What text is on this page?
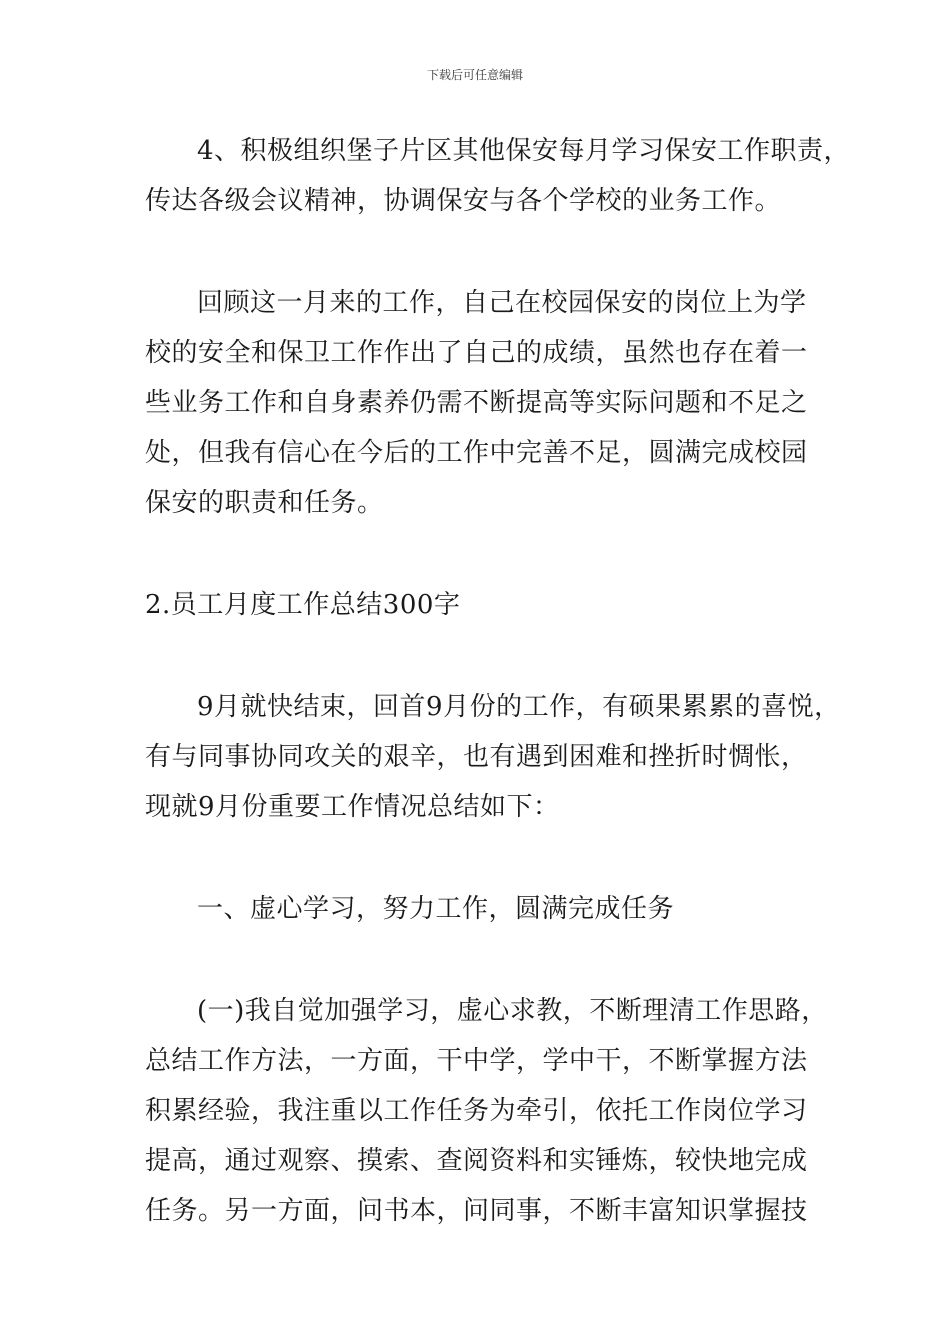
下载后可任意编辑

4、积极组织堡子片区其他保安每月学习保安工作职责，
传达各级会议精神，协调保安与各个学校的业务工作。

回顾这一月来的工作，自己在校园保安的岗位上为学
校的安全和保卫工作作出了自己的成绩，虽然也存在着一
些业务工作和自身素养仍需不断提高等实际问题和不足之
处，但我有信心在今后的工作中完善不足，圆满完成校园
保安的职责和任务。

2.员工月度工作总结300字

9月就快结束，回首9月份的工作，有硕果累累的喜悦，
有与同事协同攻关的艰辛，也有遇到困难和挫折时惆怅，
现就9月份重要工作情况总结如下：

一、虚心学习，努力工作，圆满完成任务

(一)我自觉加强学习，虚心求教，不断理清工作思路，
总结工作方法，一方面，干中学，学中干，不断掌握方法
积累经验，我注重以工作任务为牵引，依托工作岗位学习
提高，通过观察、摸索、查阅资料和实锤炼，较快地完成
任务。另一方面，问书本，问同事，不断丰富知识掌握技
